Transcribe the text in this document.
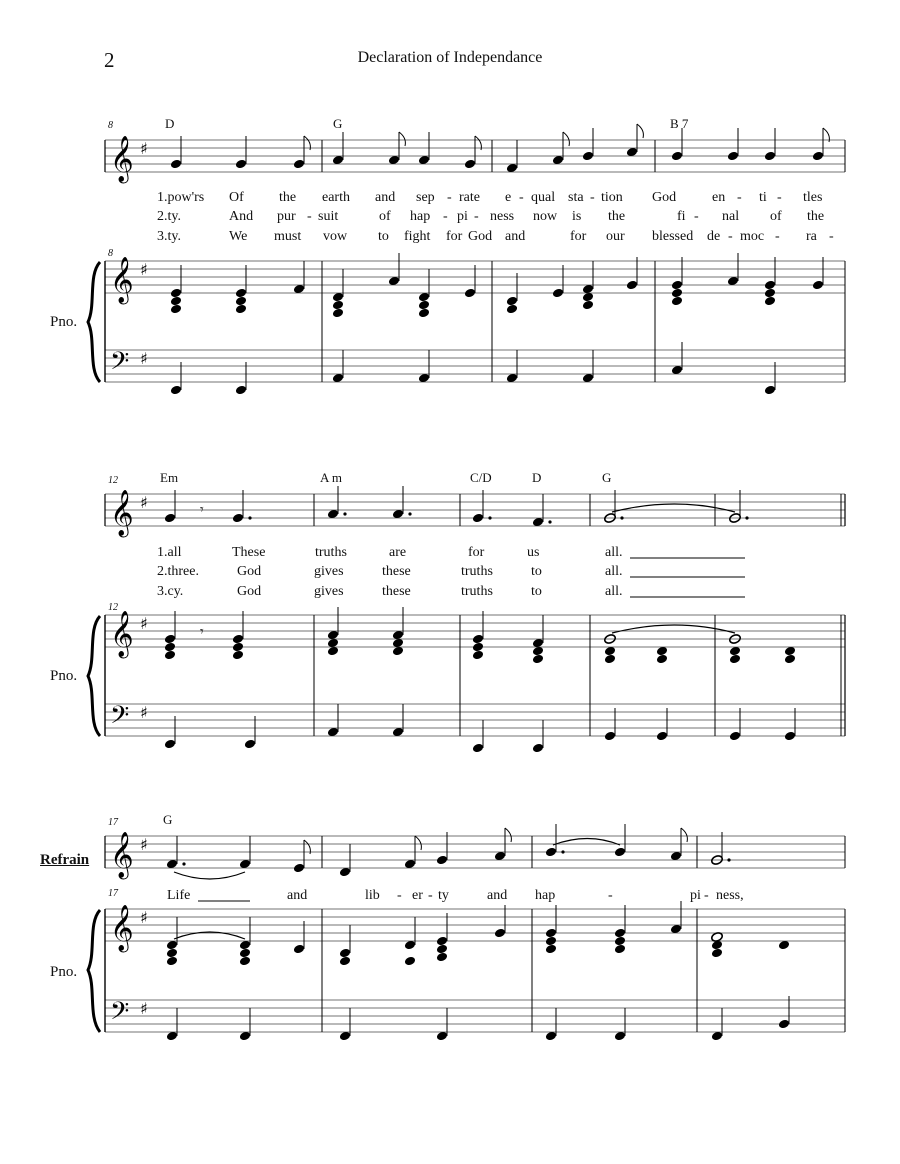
2	Declaration of Independance
8	D	G	B 7
8
Pno.
1.pow'rs Of	the earth and sep - rate e - qual sta - tion God	en - ti - tles
2.ty.	And pur - suit	of hap - pi - ness now is the	fi - nal of the
3.ty.	We must vow to fight for God and	for our blessed de - moc - ra -
12	Em	A m	C/D	D	G
12
Pno.
1.all	These	truths	are	for	us	all.
2.three.	God	gives	these	truths	to	all.
3.cy.	God	gives	these	truths	to	all.
17	G
Refrain
17
Pno.
Life	and	lib - er - ty	and hap	-	pi - ness,
𝄞 ♯
𝄞 ♯
𝄢 ♯
𝄞 ♯	𝄾
𝄞 ♯
𝄢 ♯
𝄾
𝄞 ♯
𝄞 ♯
𝄢 ♯
